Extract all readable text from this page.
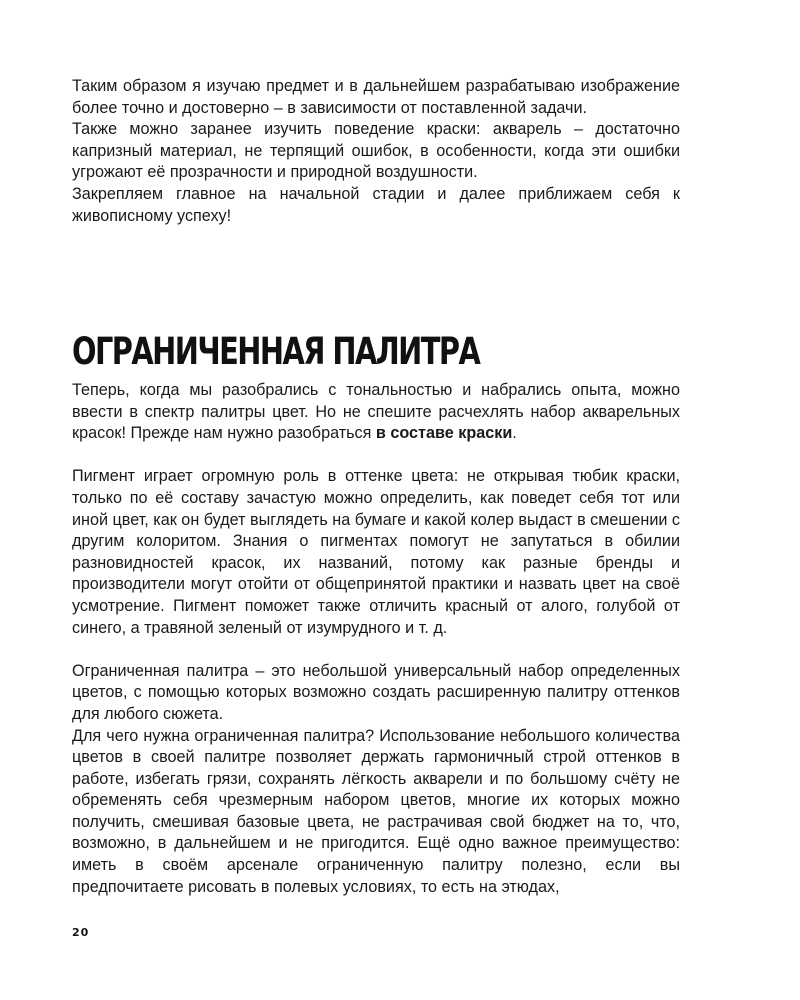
Таким образом я изучаю предмет и в дальнейшем разрабатываю изображение более точно и достоверно – в зависимости от поставленной задачи.

Также можно заранее изучить поведение краски: акварель – достаточно капризный материал, не терпящий ошибок, в особенности, когда эти ошибки угрожают её прозрачности и природной воздушности.

Закрепляем главное на начальной стадии и далее приближаем себя к живописному успеху!

ОГРАНИЧЕННАЯ ПАЛИТРА

Теперь, когда мы разобрались с тональностью и набрались опыта, можно ввести в спектр палитры цвет. Но не спешите расчехлять набор акварельных красок! Прежде нам нужно разобраться в составе краски.

Пигмент играет огромную роль в оттенке цвета: не открывая тюбик краски, только по её составу зачастую можно определить, как поведет себя тот или иной цвет, как он будет выглядеть на бумаге и какой колер выдаст в смешении с другим колоритом. Знания о пигментах помогут не запутаться в обилии разновидностей красок, их названий, потому как разные бренды и производители могут отойти от общепринятой практики и назвать цвет на своё усмотрение. Пигмент поможет также отличить красный от алого, голубой от синего, а травяной зеленый от изумрудного и т. д.

Ограниченная палитра – это небольшой универсальный набор определенных цветов, с помощью которых возможно создать расширенную палитру оттенков для любого сюжета.

Для чего нужна ограниченная палитра? Использование небольшого количества цветов в своей палитре позволяет держать гармоничный строй оттенков в работе, избегать грязи, сохранять лёгкость акварели и по большому счёту не обременять себя чрезмерным набором цветов, многие их которых можно получить, смешивая базовые цвета, не растрачивая свой бюджет на то, что, возможно, в дальнейшем и не пригодится. Ещё одно важное преимущество: иметь в своём арсенале ограниченную палитру полезно, если вы предпочитаете рисовать в полевых условиях, то есть на этюдах,

20
